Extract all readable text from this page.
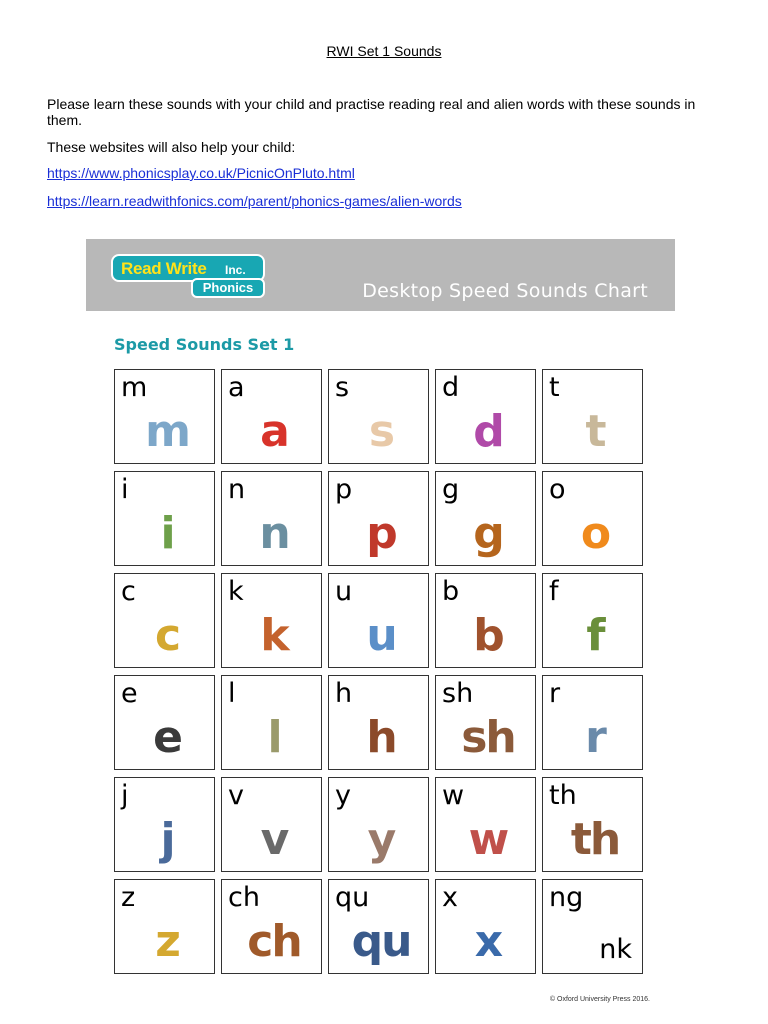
RWI Set 1 Sounds
Please learn these sounds with your child and practise reading real and alien words with these sounds in them.
These websites will also help your child:
https://www.phonicsplay.co.uk/PicnicOnPluto.html
https://learn.readwithfonics.com/parent/phonics-games/alien-words
Read Write Inc.
Phonics	Desktop Speed Sounds Chart
Speed Sounds Set 1
m
m
a
a
s
s
d
d
t
t
i
i
n
n
p
p
g
g
o
o
c
c
k
k
u
u
b
b
f
f
e
e
l
l
h
h
sh
sh
r
r
j
j
v
v
y
y
w
w
th
th
z
z
ch
ch
qu
qu
x
x
ng
nk
© Oxford University Press 2016.
